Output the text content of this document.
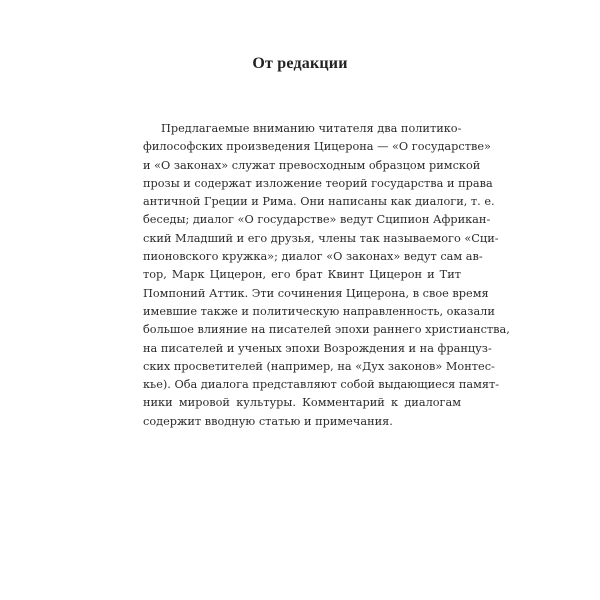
От редакции
Предлагаемые вниманию читателя два политико-
философских произведения Цицерона — «О государстве»
и «О законах» служат превосходным образцом римской
прозы и содержат изложение теорий государства и права
античной Греции и Рима. Они написаны как диалоги, т. е.
беседы; диалог «О государстве» ведут Сципион Африкан-
ский Младший и его друзья, члены так называемого «Сци-
пионовского кружка»; диалог «О законах» ведут сам ав-
тор, Марк Цицерон, его брат Квинт Цицерон и Тит
Помпоний Аттик. Эти сочинения Цицерона, в свое время
имевшие также и политическую направленность, оказали
большое влияние на писателей эпохи раннего христианства,
на писателей и ученых эпохи Возрождения и на француз-
ских просветителей (например, на «Дух законов» Монтес-
кье). Оба диалога представляют собой выдающиеся памят-
ники мировой культуры. Комментарий к диалогам
содержит вводную статью и примечания.
